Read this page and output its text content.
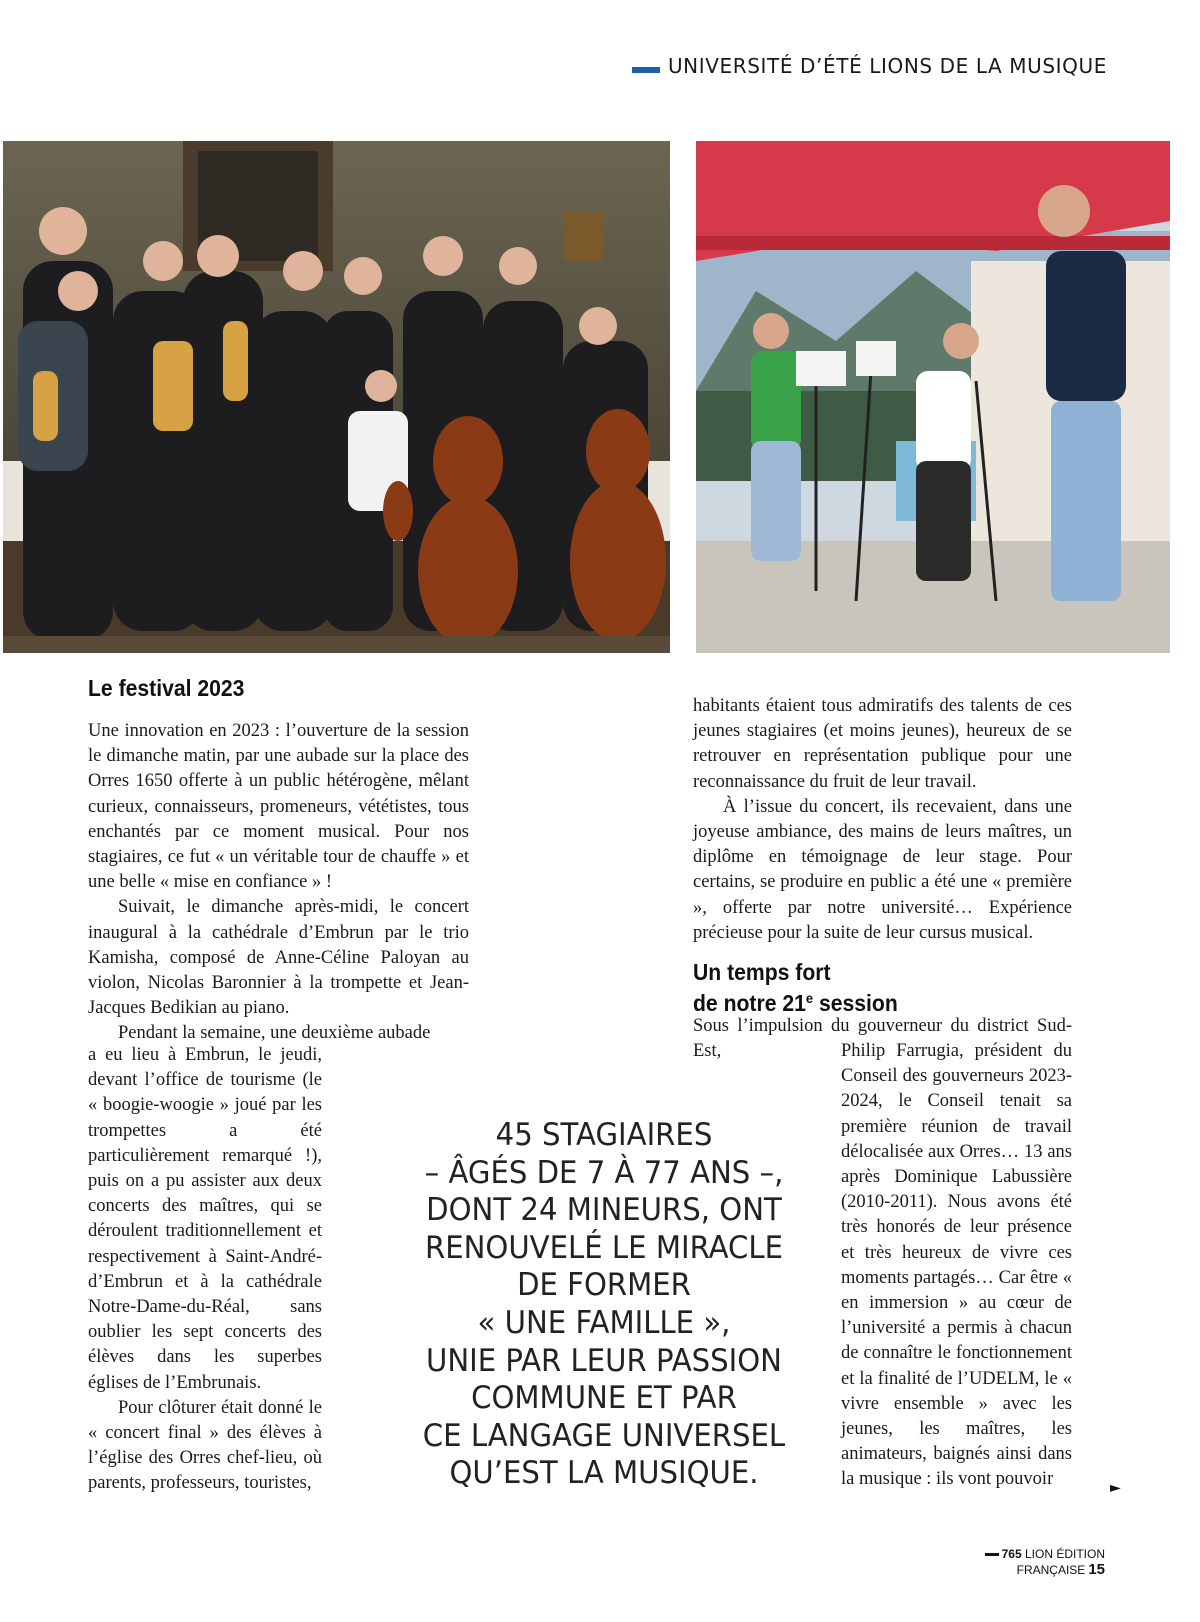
UNIVERSITÉ D’ÉTÉ LIONS DE LA MUSIQUE
Le festival 2023

Une innovation en 2023 : l’ouverture de la session le dimanche matin, par une aubade sur la place des Orres 1650 offerte à un public hétérogène, mêlant curieux, connaisseurs, promeneurs, vététistes, tous enchantés par ce moment musical. Pour nos stagiaires, ce fut « un véritable tour de chauffe » et une belle « mise en confiance » !

Suivait, le dimanche après-midi, le concert inaugural à la cathédrale d’Embrun par le trio Kamisha, composé de Anne-Céline Paloyan au violon, Nicolas Baronnier à la trompette et Jean-Jacques Bedikian au piano.

Pendant la semaine, une deuxième aubade

a eu lieu à Embrun, le jeudi, devant l’office de tourisme (le « boogie-woogie » joué par les trompettes a été particulièrement remarqué !), puis on a pu assister aux deux concerts des maîtres, qui se déroulent traditionnellement et respectivement à Saint-André-d’Embrun et à la cathédrale Notre-Dame-du-Réal, sans oublier les sept concerts des élèves dans les superbes églises de l’Embrunais.

Pour clôturer était donné le « concert final » des élèves à l’église des Orres chef-lieu, où parents, professeurs, touristes,

habitants étaient tous admiratifs des talents de ces jeunes stagiaires (et moins jeunes), heureux de se retrouver en représentation publique pour une reconnaissance du fruit de leur travail.

À l’issue du concert, ils recevaient, dans une joyeuse ambiance, des mains de leurs maîtres, un diplôme en témoignage de leur stage. Pour certains, se produire en public a été une « première », offerte par notre université… Expérience précieuse pour la suite de leur cursus musical.

Un temps fort
de notre 21e session

Sous l’impulsion du gouverneur du district Sud-Est,	Philip Farrugia, président du Conseil des gouverneurs 2023-2024, le Conseil tenait sa première réunion de travail délocalisée aux Orres… 13 ans après Dominique Labussière (2010-2011). Nous avons été très honorés de leur présence et très heureux de vivre ces moments partagés… Car être « en immersion » au cœur de l’université a permis à chacun de connaître le fonctionnement et la finalité de l’UDELM, le « vivre ensemble » avec les jeunes, les maîtres, les animateurs, baignés ainsi dans la musique : ils vont pouvoir	►
45 STAGIAIRES
– ÂGÉS DE 7 À 77 ANS –,
DONT 24 MINEURS, ONT
RENOUVELÉ LE MIRACLE
DE FORMER
« UNE FAMILLE »,
UNIE PAR LEUR PASSION
COMMUNE ET PAR
CE LANGAGE UNIVERSEL
QU’EST LA MUSIQUE.
765 LION ÉDITION FRANÇAISE 15
